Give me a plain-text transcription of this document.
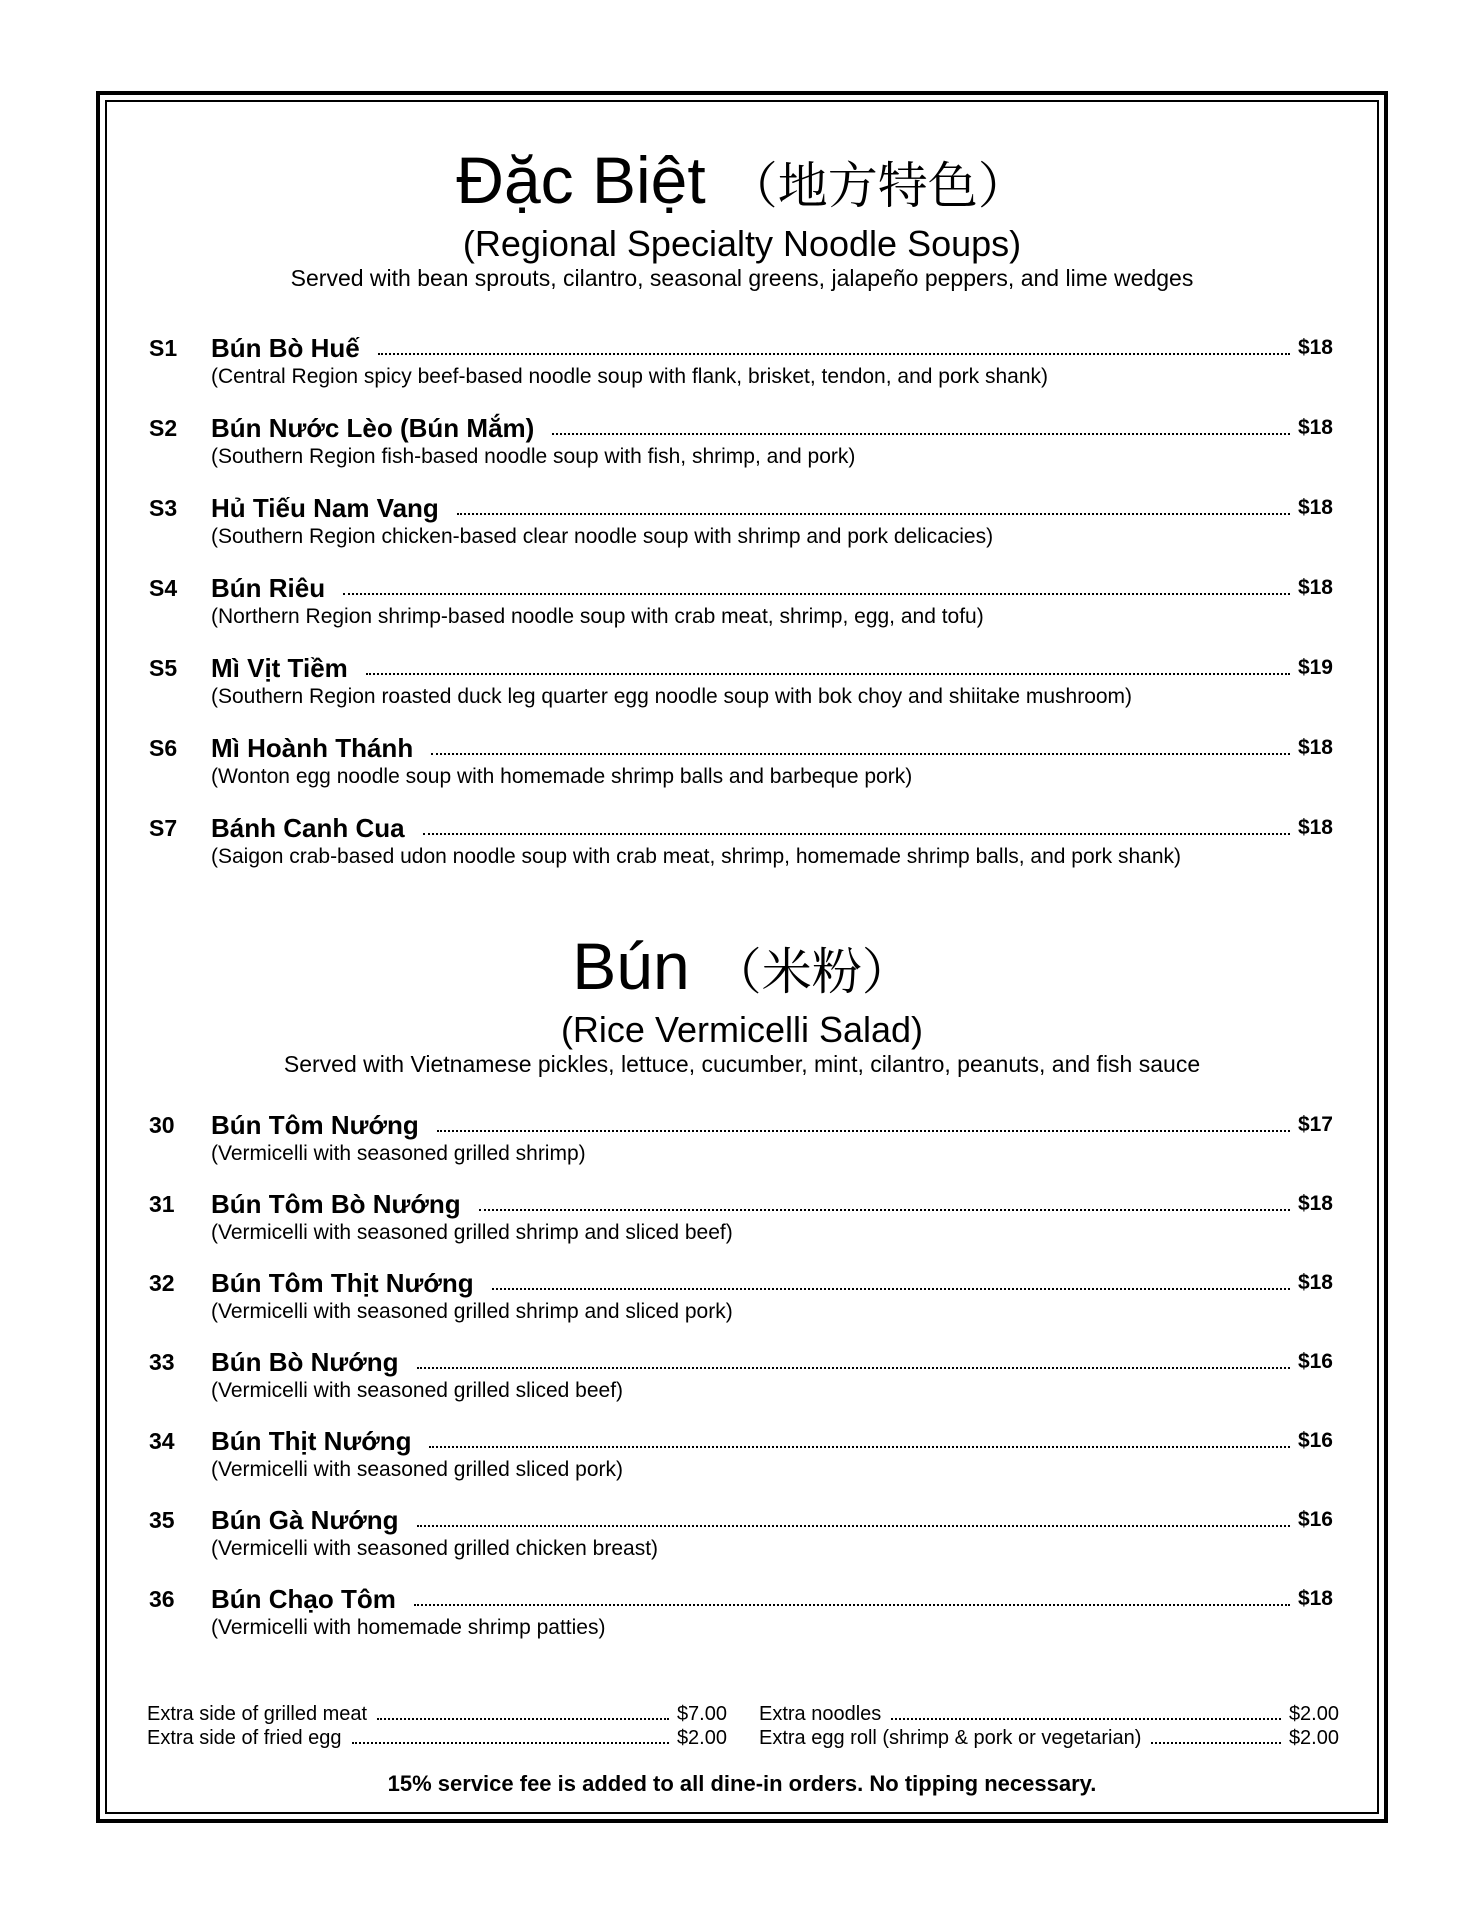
Đặc Biệt （地方特色）
(Regional Specialty Noodle Soups)
Served with bean sprouts, cilantro, seasonal greens, jalapeño peppers, and lime wedges
S1 Bún Bò Huế	$18
(Central Region spicy beef-based noodle soup with flank, brisket, tendon, and pork shank)
S2 Bún Nước Lèo (Bún Mắm)	$18
(Southern Region fish-based noodle soup with fish, shrimp, and pork)
S3 Hủ Tiếu Nam Vang	$18
(Southern Region chicken-based clear noodle soup with shrimp and pork delicacies)
S4 Bún Riêu	$18
(Northern Region shrimp-based noodle soup with crab meat, shrimp, egg, and tofu)
S5 Mì Vịt Tiềm	$19
(Southern Region roasted duck leg quarter egg noodle soup with bok choy and shiitake mushroom)
S6 Mì Hoành Thánh	$18
(Wonton egg noodle soup with homemade shrimp balls and barbeque pork)
S7 Bánh Canh Cua	$18
(Saigon crab-based udon noodle soup with crab meat, shrimp, homemade shrimp balls, and pork shank)
Bún （米粉）
(Rice Vermicelli Salad)
Served with Vietnamese pickles, lettuce, cucumber, mint, cilantro, peanuts, and fish sauce
30 Bún Tôm Nướng	$17
(Vermicelli with seasoned grilled shrimp)
31 Bún Tôm Bò Nướng	$18
(Vermicelli with seasoned grilled shrimp and sliced beef)
32 Bún Tôm Thịt Nướng	$18
(Vermicelli with seasoned grilled shrimp and sliced pork)
33 Bún Bò Nướng	$16
(Vermicelli with seasoned grilled sliced beef)
34 Bún Thịt Nướng	$16
(Vermicelli with seasoned grilled sliced pork)
35 Bún Gà Nướng	$16
(Vermicelli with seasoned grilled chicken breast)
36 Bún Chạo Tôm	$18
(Vermicelli with homemade shrimp patties)
Extra side of grilled meat	$7.00
Extra side of fried egg	$2.00
Extra noodles	$2.00
Extra egg roll (shrimp & pork or vegetarian)	$2.00
15% service fee is added to all dine-in orders. No tipping necessary.
